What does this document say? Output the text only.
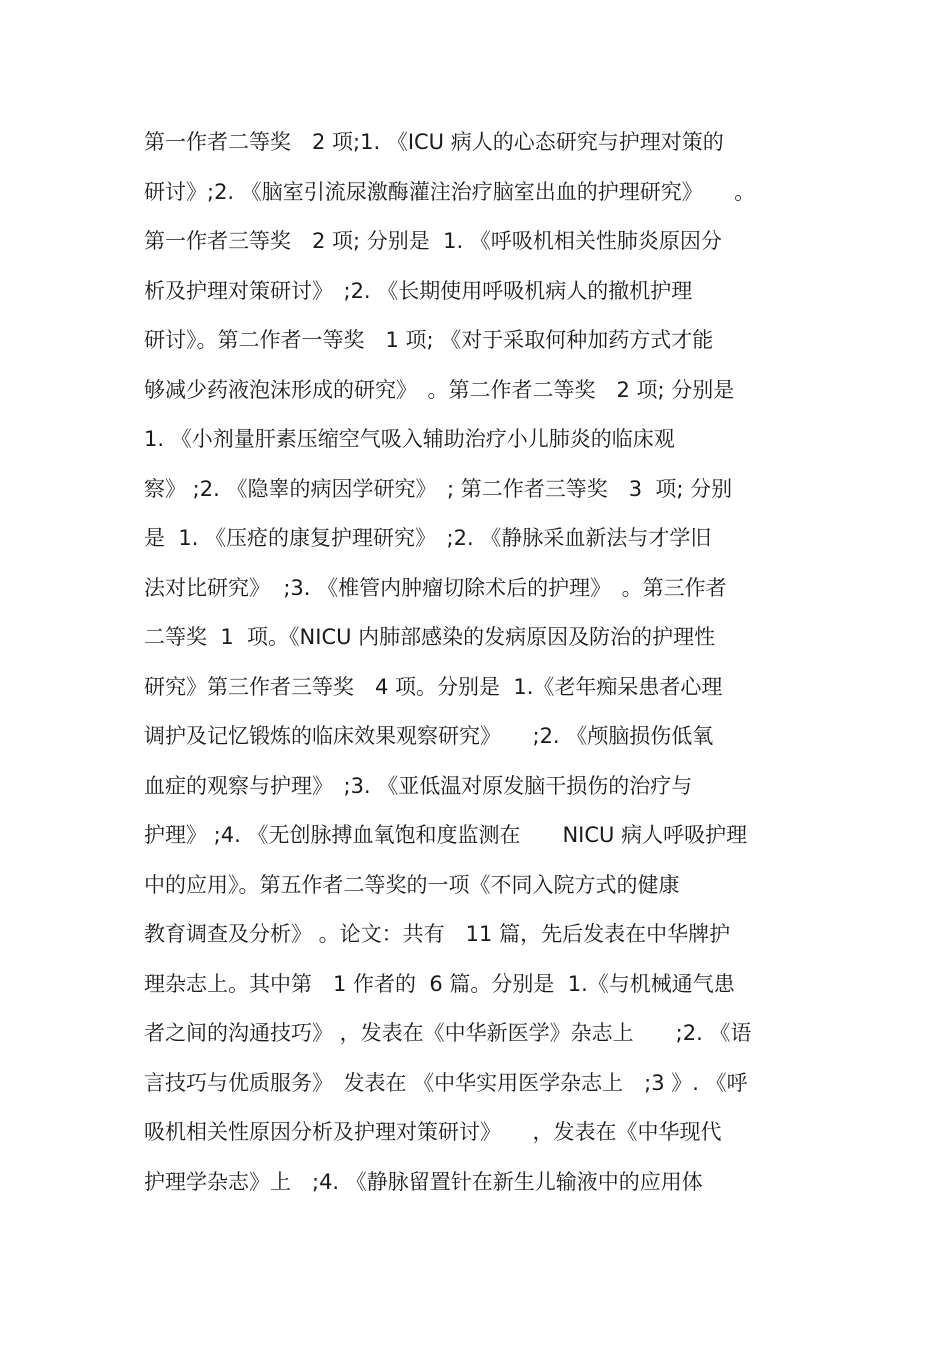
第一作者二等奖　2 项;1. 《ICU 病人的心态研究与护理对策的
研讨》;2. 《脑室引流尿激酶灌注治疗脑室出血的护理研究》　　。
第一作者三等奖　2 项; 分别是  1. 《呼吸机相关性肺炎原因分
析及护理对策研讨》　;2. 《长期使用呼吸机病人的撤机护理
研讨》。第二作者一等奖　1 项; 《对于采取何种加药方式才能
够减少药液泡沫形成的研究》　。第二作者二等奖　2 项; 分别是
1. 《小剂量肝素压缩空气吸入辅助治疗小儿肺炎的临床观
察》 ;2. 《隐睾的病因学研究》　; 第二作者三等奖　3  项; 分别
是  1. 《压疮的康复护理研究》　;2. 《静脉采血新法与才学旧
法对比研究》  ;3. 《椎管内肿瘤切除术后的护理》　。第三作者
二等奖  1  项。《NICU 内肺部感染的发病原因及防治的护理性
研究》第三作者三等奖　4 项。分别是  1.《老年痴呆患者心理
调护及记忆锻炼的临床效果观察研究》　　;2. 《颅脑损伤低氧
血症的观察与护理》　;3. 《亚低温对原发脑干损伤的治疗与
护理》 ;4. 《无创脉搏血氧饱和度监测在　　NICU 病人呼吸护理
中的应用》。第五作者二等奖的一项《不同入院方式的健康
教育调查及分析》 。论文：共有　11 篇，先后发表在中华牌护
理杂志上。其中第　1 作者的  6 篇。分别是  1.《与机械通气患
者之间的沟通技巧》 ，发表在《中华新医学》杂志上　　;2. 《语
言技巧与优质服务》　发表在 《中华实用医学杂志上　;3 》. 《呼
吸机相关性原因分析及护理对策研讨》　　，发表在《中华现代
护理学杂志》上　;4. 《静脉留置针在新生儿输液中的应用体
